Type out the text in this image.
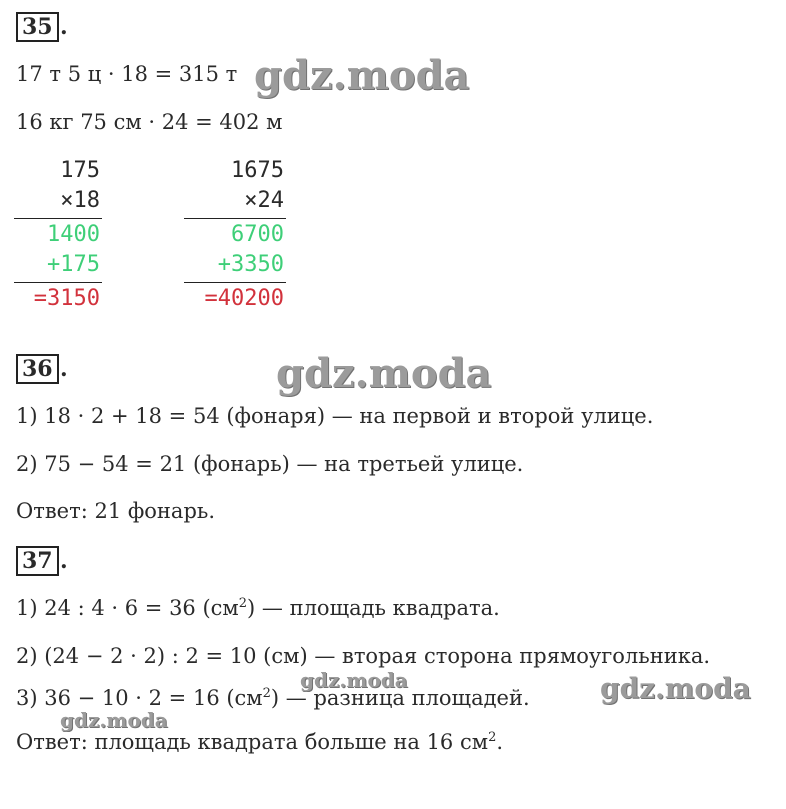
35 .
17 т 5 ц · 18 = 315 т
16 кг 75 см · 24 = 402 м
175
×18
1400
+175
=3150
1675
×24
6700
+3350
=40200
36 .
1) 18 · 2 + 18 = 54 (фонаря) — на первой и второй улице.
2) 75 − 54 = 21 (фонарь) — на третьей улице.
Ответ: 21 фонарь.
37 .
1) 24 : 4 · 6 = 36 $(см^2)$ — площадь квадрата.
2) (24 − 2 · 2) : 2 = 10 (см) — вторая сторона прямоугольника.
3) 36 − 10 · 2 = 16 $(см^2)$ — разница площадей.
Ответ: площадь квадрата больше на 16 $см^2$.
gdz.moda
gdz.moda
gdz.moda	gdz.moda
gdz.moda
